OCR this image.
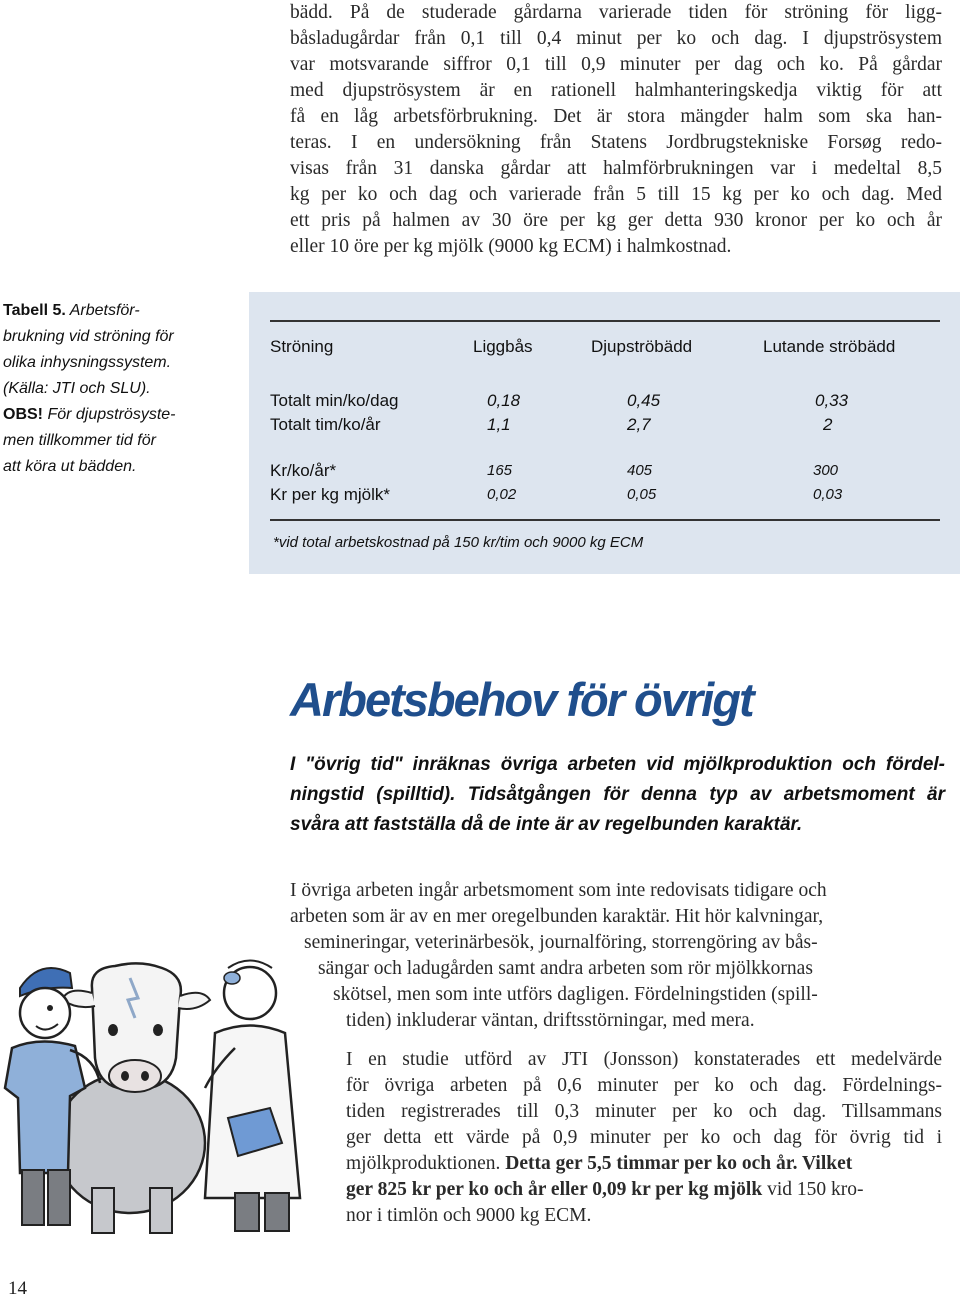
bädd. På de studerade gårdarna varierade tiden för ströning för ligg-
båsladugårdar från 0,1 till 0,4 minut per ko och dag. I djupströsystem
var motsvarande siffror 0,1 till 0,9 minuter per dag och ko. På gårdar
med djupströsystem är en rationell halmhanteringskedja viktig för att
få en låg arbetsförbrukning. Det är stora mängder halm som ska han-
teras. I en undersökning från Statens Jordbrugstekniske Forsøg redo-
visas från 31 danska gårdar att halmförbrukningen var i medeltal 8,5
kg per ko och dag och varierade från 5 till 15 kg per ko och dag. Med
ett pris på halmen av 30 öre per kg ger detta 930 kronor per ko och år
eller 10 öre per kg mjölk (9000 kg ECM) i halmkostnad.
Tabell 5. Arbetsför-
brukning vid ströning för
olika inhysningssystem.
(Källa: JTI och SLU).
OBS! För djupströsyste-
men tillkommer tid för
att köra ut bädden.
Ströning	Liggbås	Djupströbädd	Lutande ströbädd
Totalt min/ko/dag	0,18	0,45	0,33
Totalt tim/ko/år	1,1	2,7	2
Kr/ko/år*	165	405	300
Kr per kg mjölk*	0,02	0,05	0,03
*vid total arbetskostnad på 150 kr/tim och 9000 kg ECM
Arbetsbehov för övrigt
I "övrig tid" inräknas övriga arbeten vid mjölkproduktion och fördel-
ningstid (spilltid). Tidsåtgången för denna typ av arbetsmoment är
svåra att fastställa då de inte är av regelbunden karaktär.
I övriga arbeten ingår arbetsmoment som inte redovisats tidigare och
arbeten som är av en mer oregelbunden karaktär. Hit hör kalvningar,
semineringar, veterinärbesök, journalföring, storrengöring av bås-
sängar och ladugården samt andra arbeten som rör mjölkkornas
skötsel, men som inte utförs dagligen. Fördelningstiden (spill-
tiden) inkluderar väntan, driftsstörningar, med mera.
I en studie utförd av JTI (Jonsson) konstaterades ett medelvärde
för övriga arbeten på 0,6 minuter per ko och dag. Fördelnings-
tiden registrerades till 0,3 minuter per ko och dag. Tillsammans
ger detta ett värde på 0,9 minuter per ko och dag för övrig tid i
mjölkproduktionen. Detta ger 5,5 timmar per ko och år. Vilket
ger 825 kr per ko och år eller 0,09 kr per kg mjölk vid 150 kro-
nor i timlön och 9000 kg ECM.
14
